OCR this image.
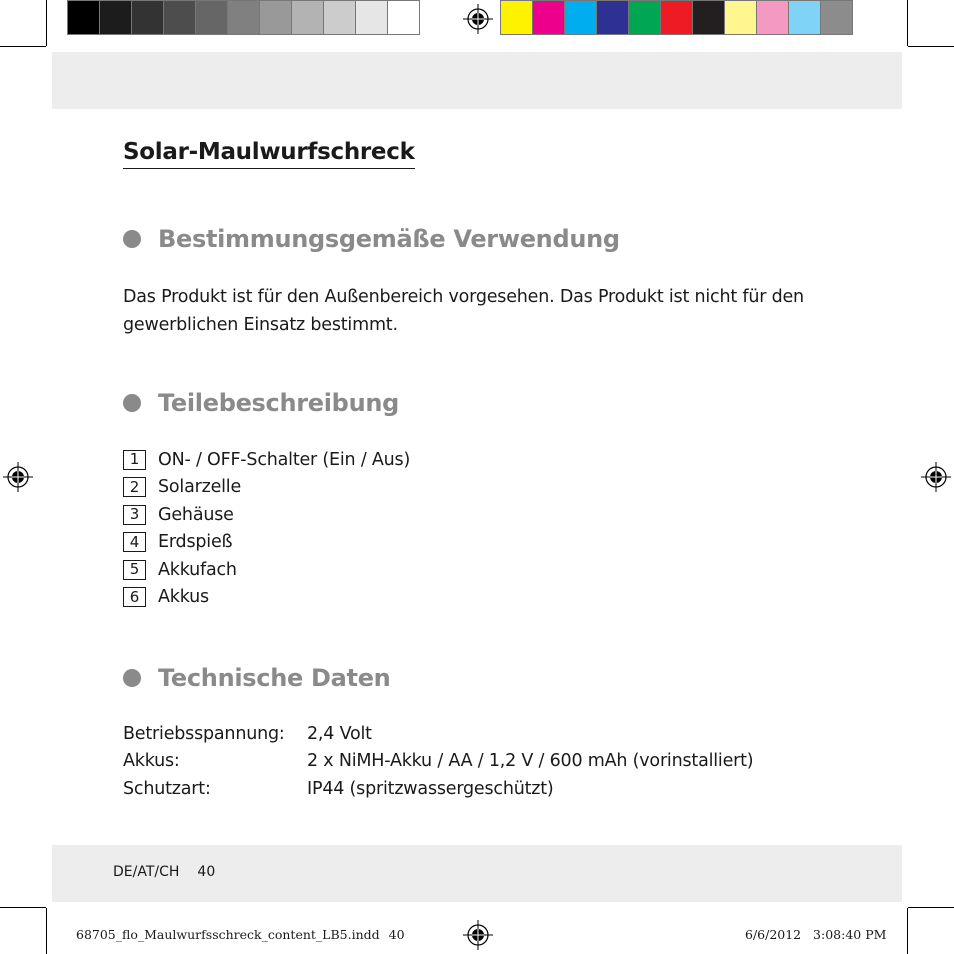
Solar-Maulwurfschreck
Bestimmungsgemäße Verwendung

Das Produkt ist für den Außenbereich vorgesehen. Das Produkt ist nicht für den gewerblichen Einsatz bestimmt.

Teilebeschreibung
1	ON- / OFF-Schalter (Ein / Aus)
2	Solarzelle
3	Gehäuse
4	Erdspieß
5	Akkufach
6	Akkus
Technische Daten
Betriebsspannung:	2,4 Volt
Akkus:	2 x NiMH-Akku / AA / 1,2 V / 600 mAh (vorinstalliert)
Schutzart:	IP44 (spritzwassergeschützt)
DE/AT/CH 40
68705_flo_Maulwurfsschreck_content_LB5.indd 40	6/6/2012   3:08:40 PM
